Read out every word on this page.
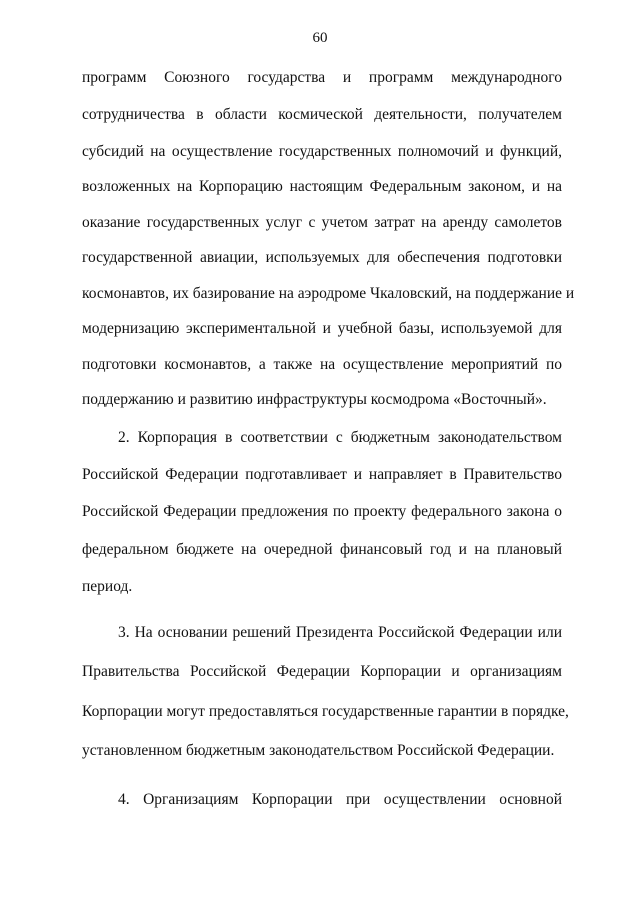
60
программ Союзного государства и программ международного
сотрудничества в области космической деятельности, получателем
субсидий на осуществление государственных полномочий и функций,
возложенных на Корпорацию настоящим Федеральным законом, и на
оказание государственных услуг с учетом затрат на аренду самолетов
государственной авиации, используемых для обеспечения подготовки
космонавтов, их базирование на аэродроме Чкаловский, на поддержание и
модернизацию экспериментальной и учебной базы, используемой для
подготовки космонавтов, а также на осуществление мероприятий по
поддержанию и развитию инфраструктуры космодрома «Восточный».
2. Корпорация в соответствии с бюджетным законодательством
Российской Федерации подготавливает и направляет в Правительство
Российской Федерации предложения по проекту федерального закона о
федеральном бюджете на очередной финансовый год и на плановый
период.
3. На основании решений Президента Российской Федерации или
Правительства Российской Федерации Корпорации и организациям
Корпорации могут предоставляться государственные гарантии в порядке,
установленном бюджетным законодательством Российской Федерации.
4. Организациям Корпорации при осуществлении основной
